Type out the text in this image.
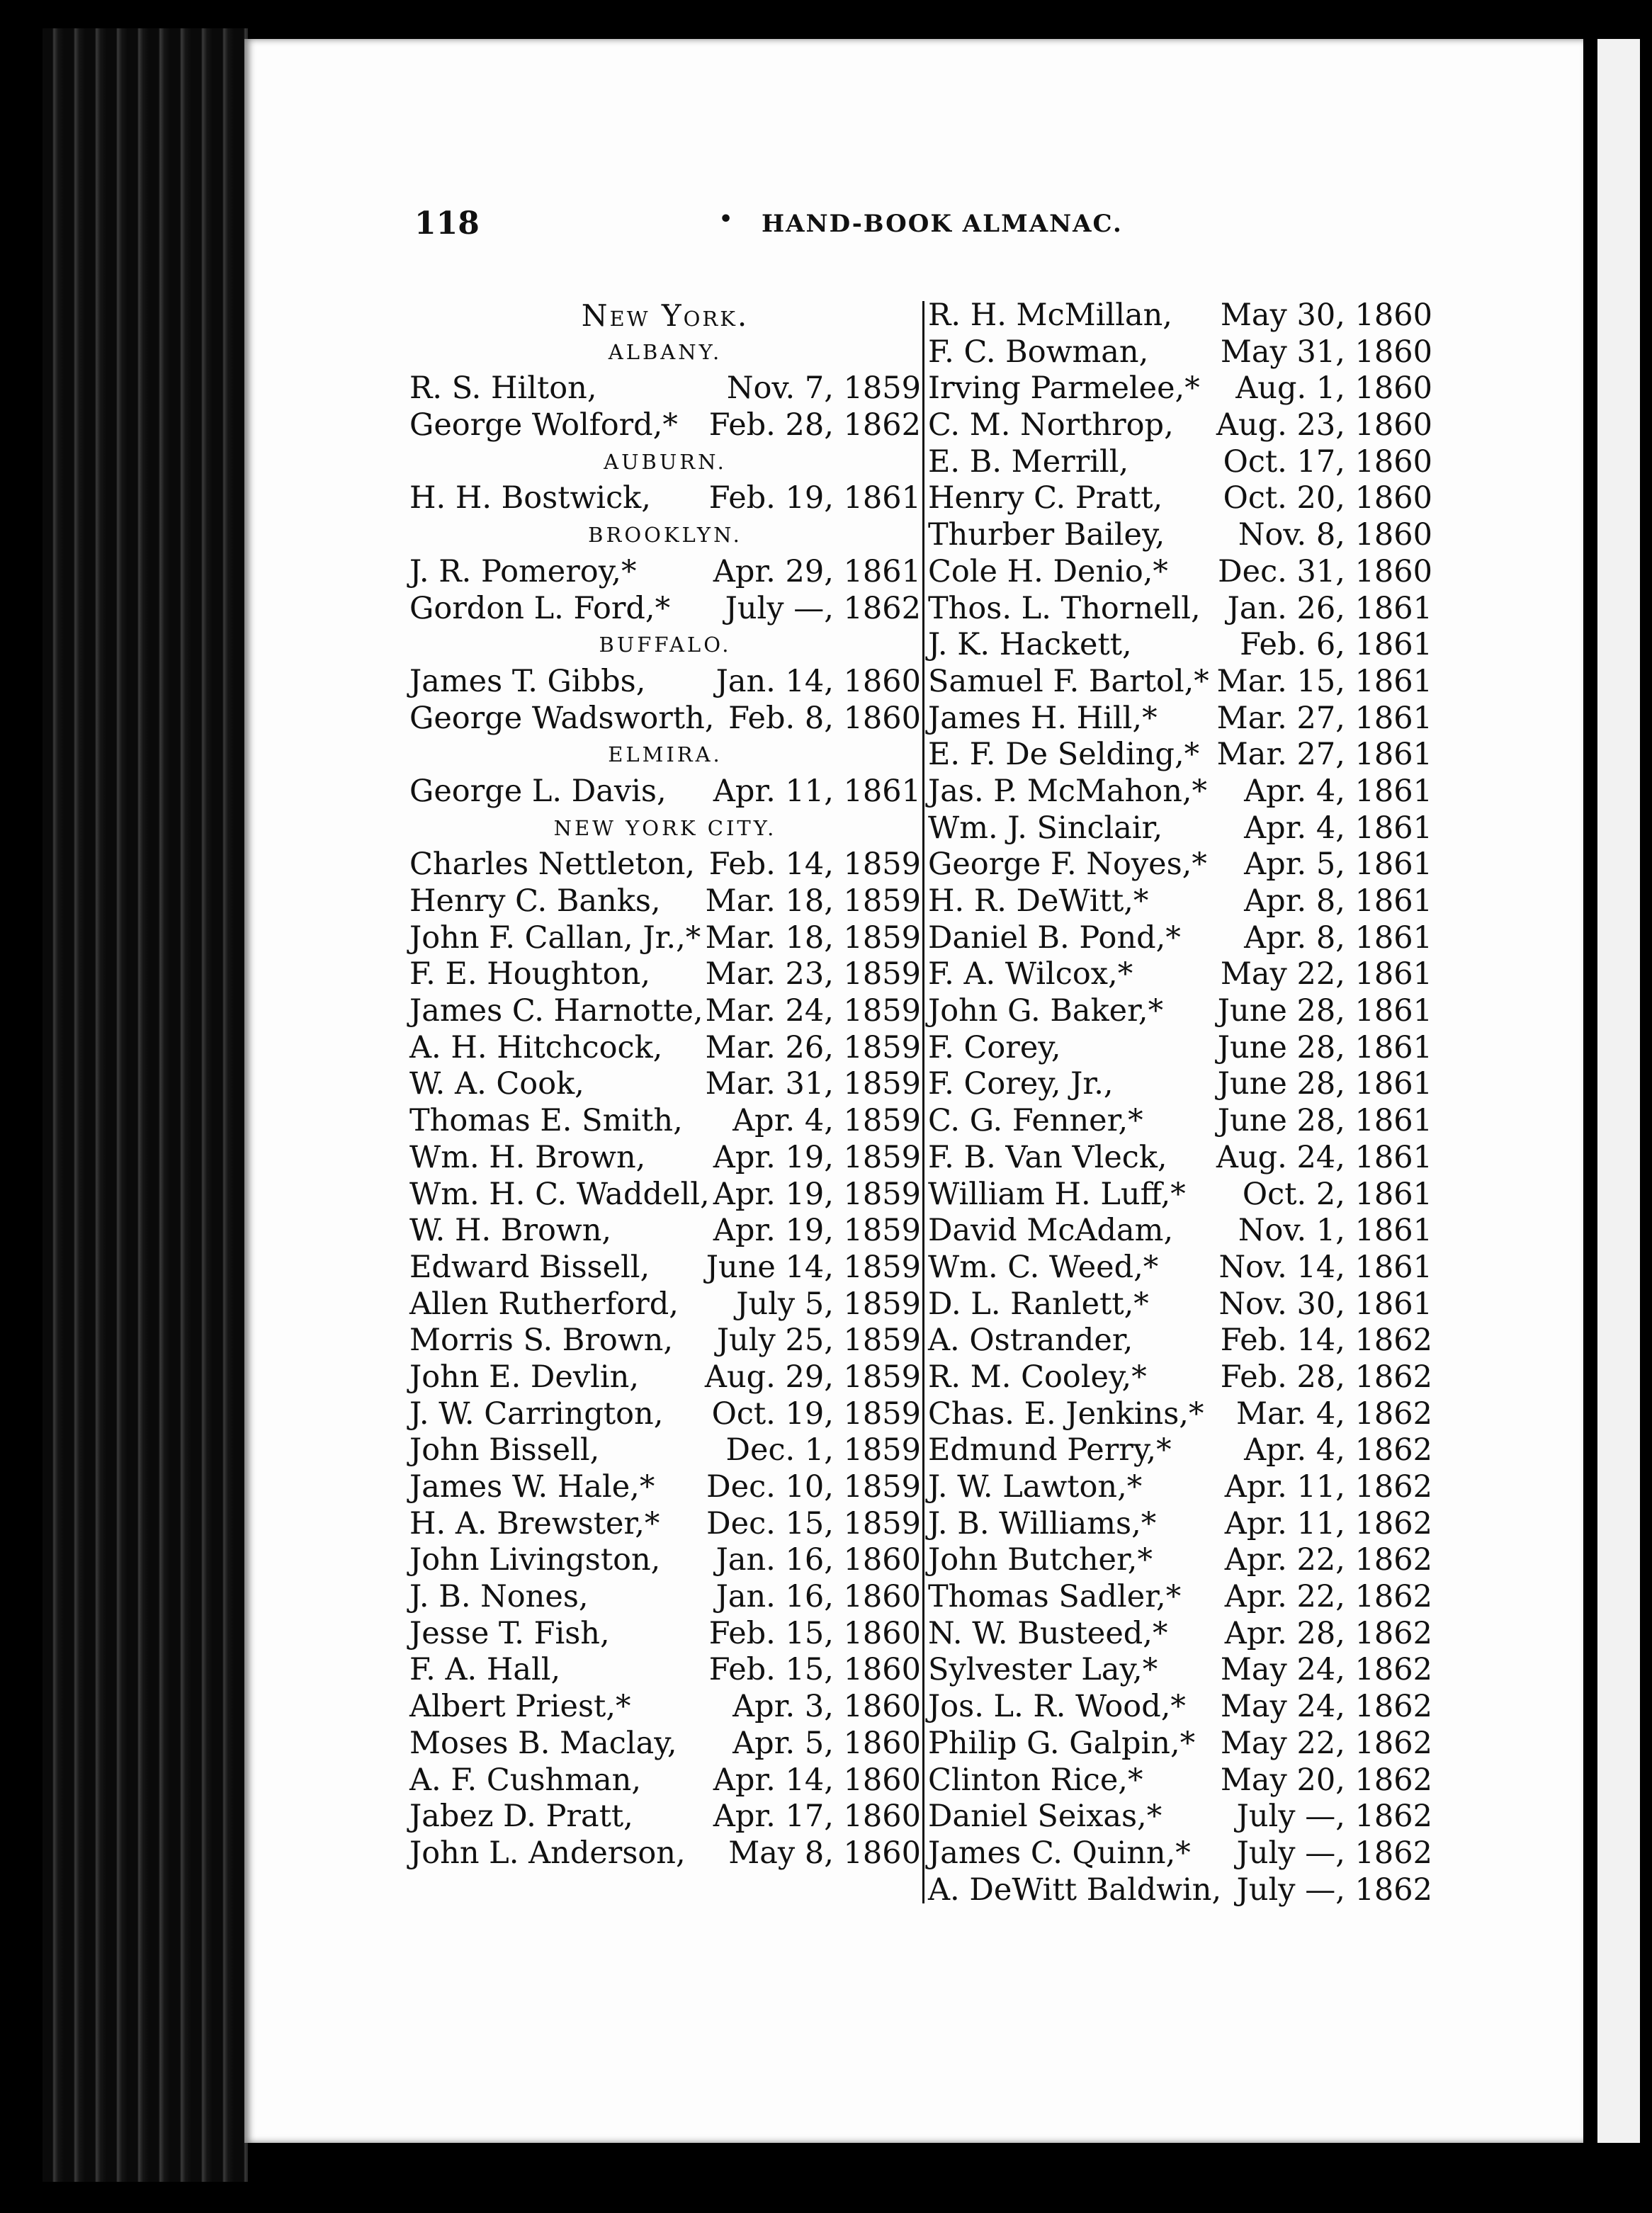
118
•	HAND-BOOK ALMANAC.
New York.
ALBANY.
R. S. Hilton,	Nov. 7, 1859
George Wolford,* Feb. 28, 1862
AUBURN.
H. H. Bostwick, Feb. 19, 1861
BROOKLYN.
J. R. Pomeroy,*	Apr. 29, 1861
Gordon L. Ford,* July —, 1862
BUFFALO.
James T. Gibbs, Jan. 14, 1860
George Wadsworth, Feb. 8, 1860
ELMIRA.
George L. Davis, Apr. 11, 1861
NEW YORK CITY.
Charles Nettleton, Feb. 14, 1859
Henry C. Banks, Mar. 18, 1859
John F. Callan, Jr.,* Mar. 18, 1859
F. E. Houghton, Mar. 23, 1859
James C. Harnotte, Mar. 24, 1859
A. H. Hitchcock, Mar. 26, 1859
W. A. Cook,	Mar. 31, 1859
Thomas E. Smith, Apr. 4, 1859
Wm. H. Brown, Apr. 19, 1859
Wm. H. C. Waddell, Apr. 19, 1859
W. H. Brown,	Apr. 19, 1859
Edward Bissell, June 14, 1859
Allen Rutherford, July 5, 1859
Morris S. Brown, July 25, 1859
John E. Devlin, Aug. 29, 1859
J. W. Carrington, Oct. 19, 1859
John Bissell,	Dec. 1, 1859
James W. Hale,* Dec. 10, 1859
H. A. Brewster,* Dec. 15, 1859
John Livingston, Jan. 16, 1860
J. B. Nones,	Jan. 16, 1860
Jesse T. Fish,	Feb. 15, 1860
F. A. Hall,	Feb. 15, 1860
Albert Priest,*	Apr. 3, 1860
Moses B. Maclay, Apr. 5, 1860
A. F. Cushman, Apr. 14, 1860
Jabez D. Pratt,	Apr. 17, 1860
John L. Anderson, May 8, 1860
R. H. McMillan, May 30, 1860
F. C. Bowman, May 31, 1860
Irving Parmelee,* Aug. 1, 1860
C. M. Northrop, Aug. 23, 1860
E. B. Merrill,	Oct. 17, 1860
Henry C. Pratt, Oct. 20, 1860
Thurber Bailey, Nov. 8, 1860
Cole H. Denio,* Dec. 31, 1860
Thos. L. Thornell, Jan. 26, 1861
J. K. Hackett,	Feb. 6, 1861
Samuel F. Bartol,* Mar. 15, 1861
James H. Hill,* Mar. 27, 1861
E. F. De Selding,* Mar. 27, 1861
Jas. P. McMahon,* Apr. 4, 1861
Wm. J. Sinclair,	Apr. 4, 1861
George F. Noyes,* Apr. 5, 1861
H. R. DeWitt,*	Apr. 8, 1861
Daniel B. Pond,* Apr. 8, 1861
F. A. Wilcox,*	May 22, 1861
John G. Baker,* June 28, 1861
F. Corey,	June 28, 1861
F. Corey, Jr.,	June 28, 1861
C. G. Fenner,* June 28, 1861
F. B. Van Vleck, Aug. 24, 1861
William H. Luff,* Oct. 2, 1861
David McAdam, Nov. 1, 1861
Wm. C. Weed,* Nov. 14, 1861
D. L. Ranlett,* Nov. 30, 1861
A. Ostrander,	Feb. 14, 1862
R. M. Cooley,* Feb. 28, 1862
Chas. E. Jenkins,* Mar. 4, 1862
Edmund Perry,* Apr. 4, 1862
J. W. Lawton,*	Apr. 11, 1862
J. B. Williams,* Apr. 11, 1862
John Butcher,* Apr. 22, 1862
Thomas Sadler,* Apr. 22, 1862
N. W. Busteed,* Apr. 28, 1862
Sylvester Lay,* May 24, 1862
Jos. L. R. Wood,* May 24, 1862
Philip G. Galpin,* May 22, 1862
Clinton Rice,*	May 20, 1862
Daniel Seixas,* July —, 1862
James C. Quinn,* July —, 1862
A. DeWitt Baldwin, July —, 1862
